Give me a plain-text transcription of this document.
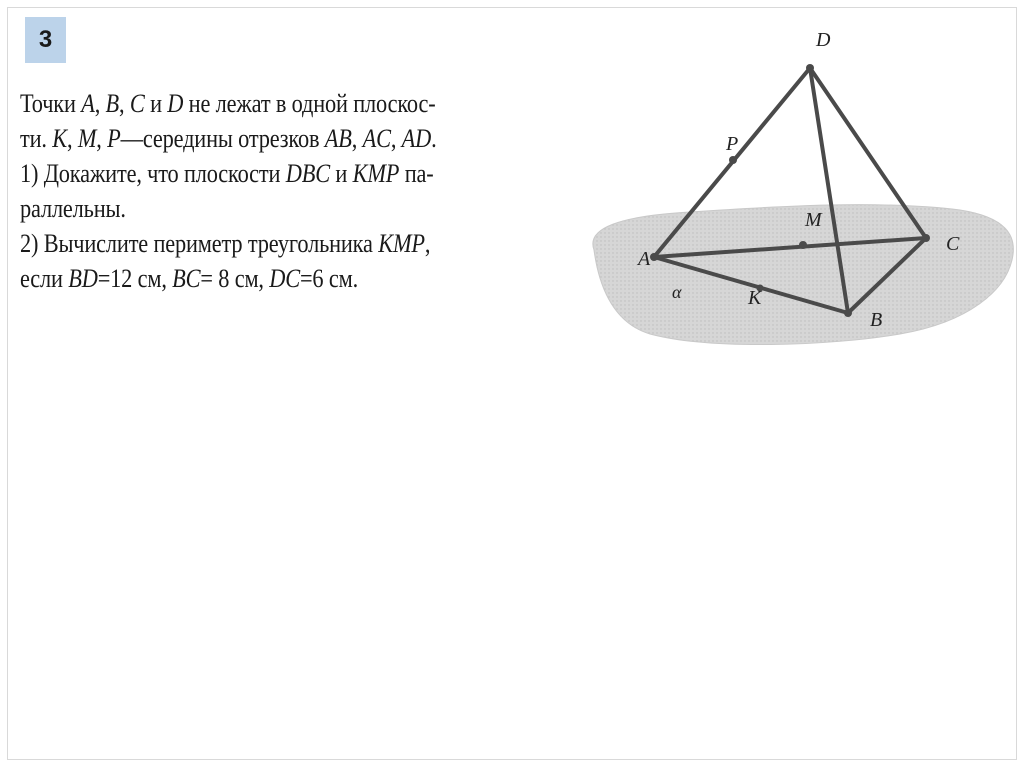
3
Точки A, B, C и D не лежат в одной плоскос-
ти. K, M, P—середины отрезков AB, AC, AD.
1) Докажите, что плоскости DBC и KMP па-
раллельны.
2) Вычислите периметр треугольника KMP,
если BD=12 см, BC= 8 см, DC=6 см.
D
P
M
A
C
K
B
α
